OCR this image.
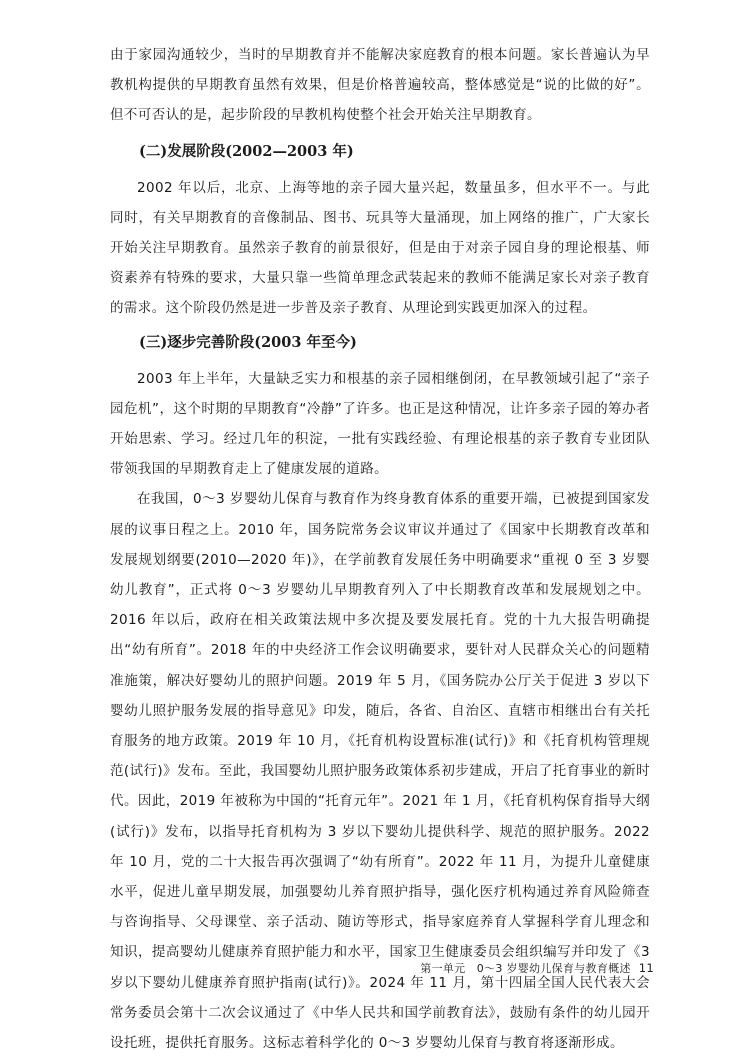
由于家园沟通较少，当时的早期教育并不能解决家庭教育的根本问题。家长普遍认为早教机构提供的早期教育虽然有效果，但是价格普遍较高，整体感觉是“说的比做的好”。但不可否认的是，起步阶段的早教机构使整个社会开始关注早期教育。

(二)发展阶段(2002—2003 年)

2002 年以后，北京、上海等地的亲子园大量兴起，数量虽多，但水平不一。与此同时，有关早期教育的音像制品、图书、玩具等大量涌现，加上网络的推广，广大家长开始关注早期教育。虽然亲子教育的前景很好，但是由于对亲子园自身的理论根基、师资素养有特殊的要求，大量只靠一些简单理念武装起来的教师不能满足家长对亲子教育的需求。这个阶段仍然是进一步普及亲子教育、从理论到实践更加深入的过程。

(三)逐步完善阶段(2003 年至今)

2003 年上半年，大量缺乏实力和根基的亲子园相继倒闭，在早教领域引起了“亲子园危机”，这个时期的早期教育“冷静”了许多。也正是这种情况，让许多亲子园的筹办者开始思索、学习。经过几年的积淀，一批有实践经验、有理论根基的亲子教育专业团队带领我国的早期教育走上了健康发展的道路。

在我国，0～3 岁婴幼儿保育与教育作为终身教育体系的重要开端，已被提到国家发展的议事日程之上。2010 年，国务院常务会议审议并通过了《国家中长期教育改革和发展规划纲要(2010—2020 年)》，在学前教育发展任务中明确要求“重视 0 至 3 岁婴幼儿教育”，正式将 0～3 岁婴幼儿早期教育列入了中长期教育改革和发展规划之中。2016 年以后，政府在相关政策法规中多次提及要发展托育。党的十九大报告明确提出“幼有所育”。2018 年的中央经济工作会议明确要求，要针对人民群众关心的问题精准施策，解决好婴幼儿的照护问题。2019 年 5 月，《国务院办公厅关于促进 3 岁以下婴幼儿照护服务发展的指导意见》印发，随后，各省、自治区、直辖市相继出台有关托育服务的地方政策。2019 年 10 月，《托育机构设置标准(试行)》和《托育机构管理规范(试行)》发布。至此，我国婴幼儿照护服务政策体系初步建成，开启了托育事业的新时代。因此，2019 年被称为中国的“托育元年”。2021 年 1 月，《托育机构保育指导大纲(试行)》发布，以指导托育机构为 3 岁以下婴幼儿提供科学、规范的照护服务。2022 年 10 月，党的二十大报告再次强调了“幼有所育”。2022 年 11 月，为提升儿童健康水平，促进儿童早期发展，加强婴幼儿养育照护指导，强化医疗机构通过养育风险筛查与咨询指导、父母课堂、亲子活动、随访等形式，指导家庭养育人掌握科学育儿理念和知识，提高婴幼儿健康养育照护能力和水平，国家卫生健康委员会组织编写并印发了《3 岁以下婴幼儿健康养育照护指南(试行)》。2024 年 11 月，第十四届全国人民代表大会常务委员会第十二次会议通过了《中华人民共和国学前教育法》，鼓励有条件的幼儿园开设托班，提供托育服务。这标志着科学化的 0～3 岁婴幼儿保育与教育将逐渐形成。

第一单元　0～3 岁婴幼儿保育与教育概述 11
